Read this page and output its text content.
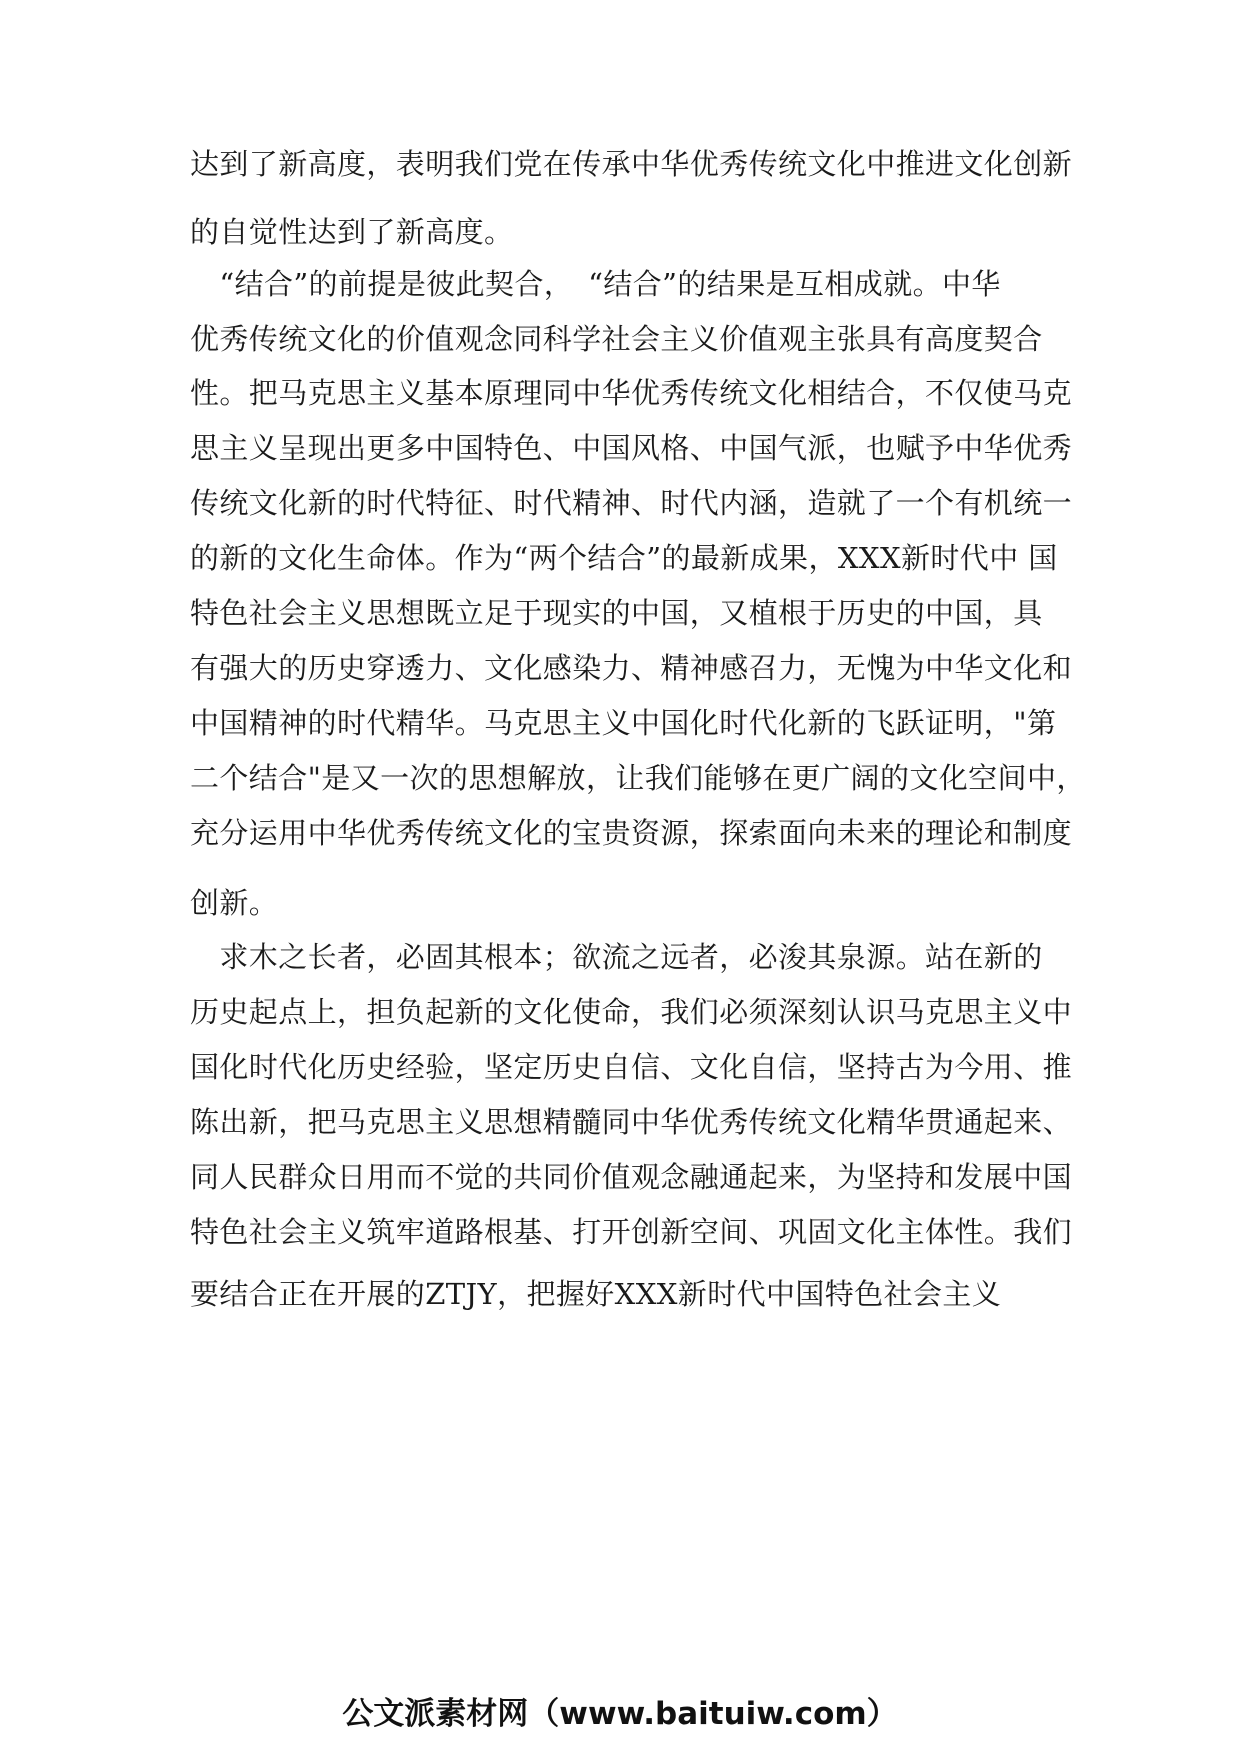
达到了新高度，表明我们党在传承中华优秀传统文化中推进文化创新
的自觉性达到了新高度。
　“结合”的前提是彼此契合，　“结合”的结果是互相成就。中华
优秀传统文化的价值观念同科学社会主义价值观主张具有高度契合
性。把马克思主义基本原理同中华优秀传统文化相结合，不仅使马克
思主义呈现出更多中国特色、中国风格、中国气派，也赋予中华优秀
传统文化新的时代特征、时代精神、时代内涵，造就了一个有机统一
的新的文化生命体。作为“两个结合”的最新成果，XXX新时代中 国
特色社会主义思想既立足于现实的中国，又植根于历史的中国，具
有强大的历史穿透力、文化感染力、精神感召力，无愧为中华文化和
中国精神的时代精华。马克思主义中国化时代化新的飞跃证明，"第
二个结合"是又一次的思想解放，让我们能够在更广阔的文化空间中，
充分运用中华优秀传统文化的宝贵资源，探索面向未来的理论和制度
创新。
　求木之长者，必固其根本；欲流之远者，必浚其泉源。站在新的
历史起点上，担负起新的文化使命，我们必须深刻认识马克思主义中
国化时代化历史经验，坚定历史自信、文化自信，坚持古为今用、推
陈出新，把马克思主义思想精髓同中华优秀传统文化精华贯通起来、
同人民群众日用而不觉的共同价值观念融通起来，为坚持和发展中国
特色社会主义筑牢道路根基、打开创新空间、巩固文化主体性。我们
要结合正在开展的ZTJY，把握好XXX新时代中国特色社会主义
公文派素材网（www.baituiw.com）
